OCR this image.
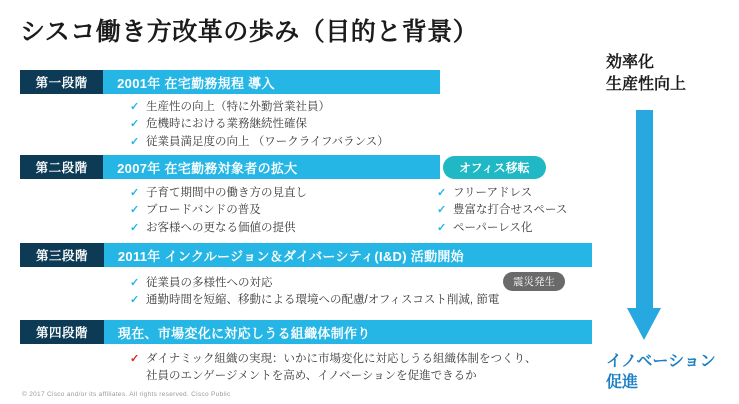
シスコ働き方改革の歩み（目的と背景）
第一段階	2001年 在宅勤務規程 導入
✓ 生産性の向上（特に外勤営業社員）
✓ 危機時における業務継続性確保
✓ 従業員満足度の向上 （ワークライフバランス）
第二段階	2007年 在宅勤務対象者の拡大
✓ 子育て期間中の働き方の見直し
✓ ブロードバンドの普及
✓ お客様への更なる価値の提供
オフィス移転
✓ フリーアドレス
✓ 豊富な打合せスペース
✓ ペーパーレス化
第三段階	2011年 インクルージョン＆ダイバーシティ(I&D) 活動開始
震災発生
✓ 従業員の多様性への対応
✓ 通勤時間を短縮、移動による環境への配慮/オフィスコスト削減, 節電
第四段階	現在、市場変化に対応しうる組織体制作り
✓ ダイナミック組織の実現：いかに市場変化に対応しうる組織体制をつくり、
社員のエンゲージメントを高め、イノベーションを促進できるか
効率化
生産性向上
イノベーション
促進
© 2017 Cisco and/or its affiliates. All rights reserved. Cisco Public
